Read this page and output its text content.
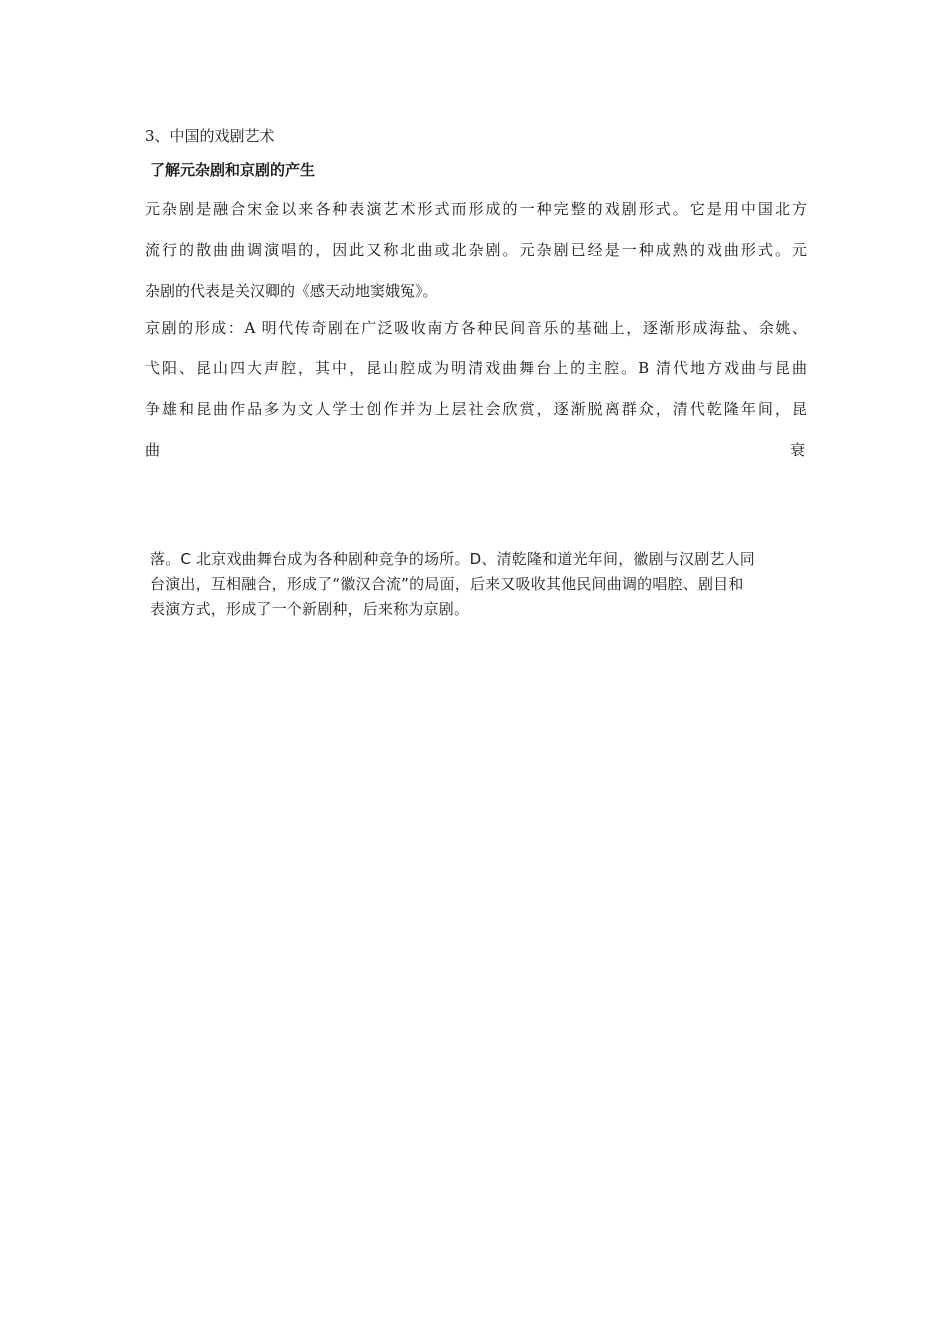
3、中国的戏剧艺术
了解元杂剧和京剧的产生
元杂剧是融合宋金以来各种表演艺术形式而形成的一种完整的戏剧形式。它是用中国北方
流行的散曲曲调演唱的，因此又称北曲或北杂剧。元杂剧已经是一种成熟的戏曲形式。元
杂剧的代表是关汉卿的《感天动地窦娥冤》。
京剧的形成：A 明代传奇剧在广泛吸收南方各种民间音乐的基础上，逐渐形成海盐、余姚、
弋阳、昆山四大声腔，其中，昆山腔成为明清戏曲舞台上的主腔。B 清代地方戏曲与昆曲
争雄和昆曲作品多为文人学士创作并为上层社会欣赏，逐渐脱离群众，清代乾隆年间，昆
曲	衰
落。C 北京戏曲舞台成为各种剧种竞争的场所。D、清乾隆和道光年间，徽剧与汉剧艺人同
台演出，互相融合，形成了“徽汉合流”的局面，后来又吸收其他民间曲调的唱腔、剧目和
表演方式，形成了一个新剧种，后来称为京剧。
